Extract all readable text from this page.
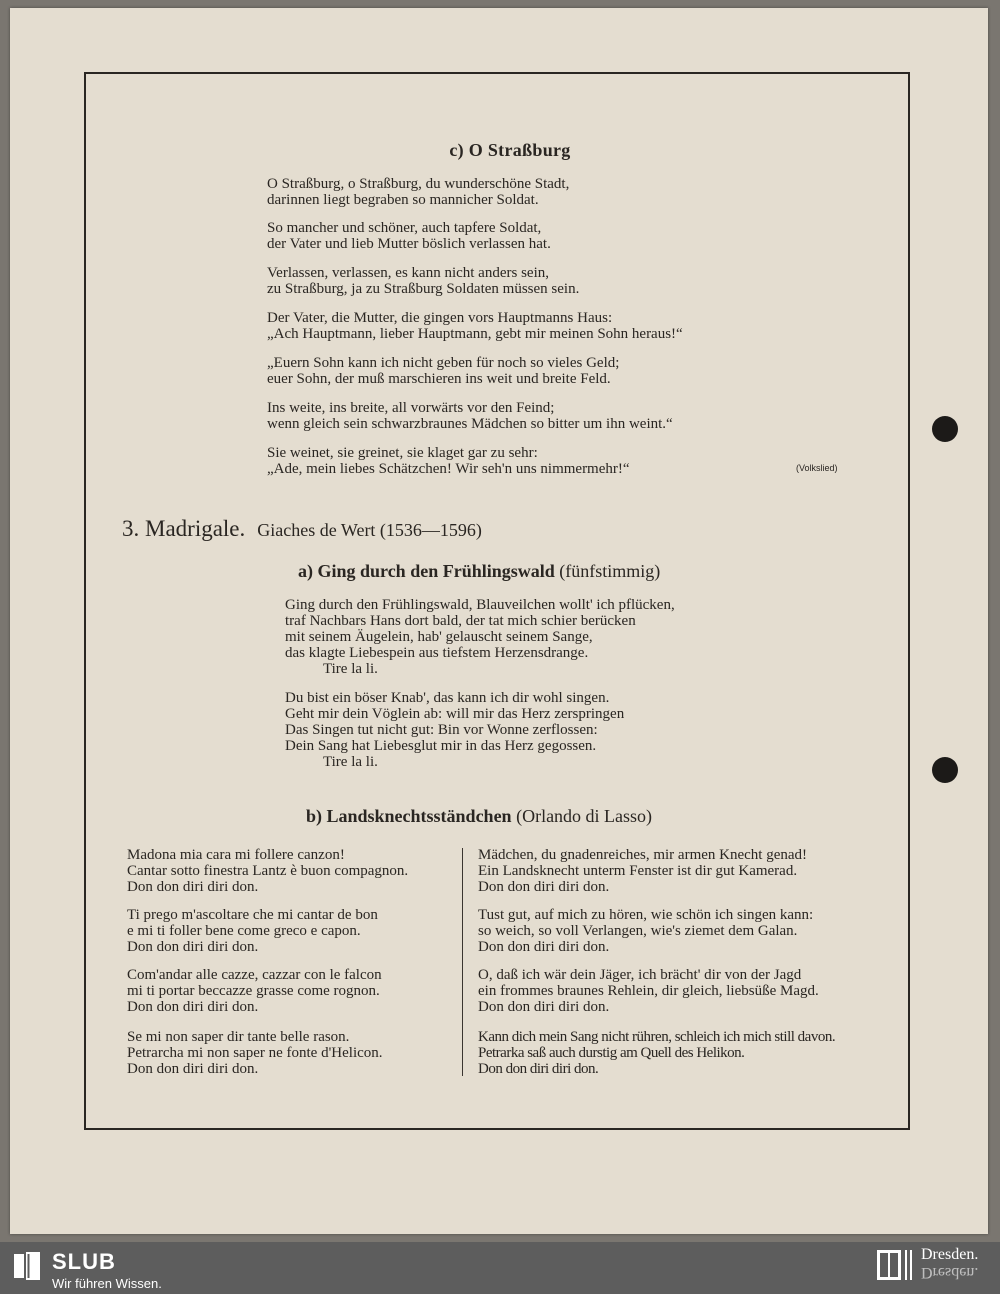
c) O Straßburg
O Straßburg, o Straßburg, du wunderschöne Stadt,
darinnen liegt begraben so mannicher Soldat.
So mancher und schöner, auch tapfere Soldat,
der Vater und lieb Mutter böslich verlassen hat.
Verlassen, verlassen, es kann nicht anders sein,
zu Straßburg, ja zu Straßburg Soldaten müssen sein.
Der Vater, die Mutter, die gingen vors Hauptmanns Haus:
„Ach Hauptmann, lieber Hauptmann, gebt mir meinen Sohn heraus!“
„Euern Sohn kann ich nicht geben für noch so vieles Geld;
euer Sohn, der muß marschieren ins weit und breite Feld.
Ins weite, ins breite, all vorwärts vor den Feind;
wenn gleich sein schwarzbraunes Mädchen so bitter um ihn weint.“
Sie weinet, sie greinet, sie klaget gar zu sehr:
„Ade, mein liebes Schätzchen! Wir seh'n uns nimmermehr!“	(Volkslied)
3. Madrigale. Giaches de Wert (1536—1596)
a) Ging durch den Frühlingswald (fünfstimmig)
Ging durch den Frühlingswald, Blauveilchen wollt' ich pflücken,
traf Nachbars Hans dort bald, der tat mich schier berücken
mit seinem Äugelein, hab' gelauscht seinem Sange,
das klagte Liebespein aus tiefstem Herzensdrange.
Tire la li.
Du bist ein böser Knab', das kann ich dir wohl singen.
Geht mir dein Vöglein ab: will mir das Herz zerspringen
Das Singen tut nicht gut: Bin vor Wonne zerflossen:
Dein Sang hat Liebesglut mir in das Herz gegossen.
Tire la li.
b) Landsknechtsständchen (Orlando di Lasso)
Madona mia cara mi follere canzon!
Cantar sotto finestra Lantz è buon compagnon.
Don don diri diri don.
Ti prego m'ascoltare che mi cantar de bon
e mi ti foller bene come greco e capon.
Don don diri diri don.
Com'andar alle cazze, cazzar con le falcon
mi ti portar beccazze grasse come rognon.
Don don diri diri don.
Se mi non saper dir tante belle rason.
Petrarcha mi non saper ne fonte d'Helicon.
Don don diri diri don.
Mädchen, du gnadenreiches, mir armen Knecht genad!
Ein Landsknecht unterm Fenster ist dir gut Kamerad.
Don don diri diri don.
Tust gut, auf mich zu hören, wie schön ich singen kann:
so weich, so voll Verlangen, wie's ziemet dem Galan.
Don don diri diri don.
O, daß ich wär dein Jäger, ich brächt' dir von der Jagd
ein frommes braunes Rehlein, dir gleich, liebsüße Magd.
Don don diri diri don.
Kann dich mein Sang nicht rühren, schleich ich mich still davon.
Petrarka saß auch durstig am Quell des Helikon.
Don don diri diri don.
SLUB
Wir führen Wissen.
Dresden.
Dresden.
